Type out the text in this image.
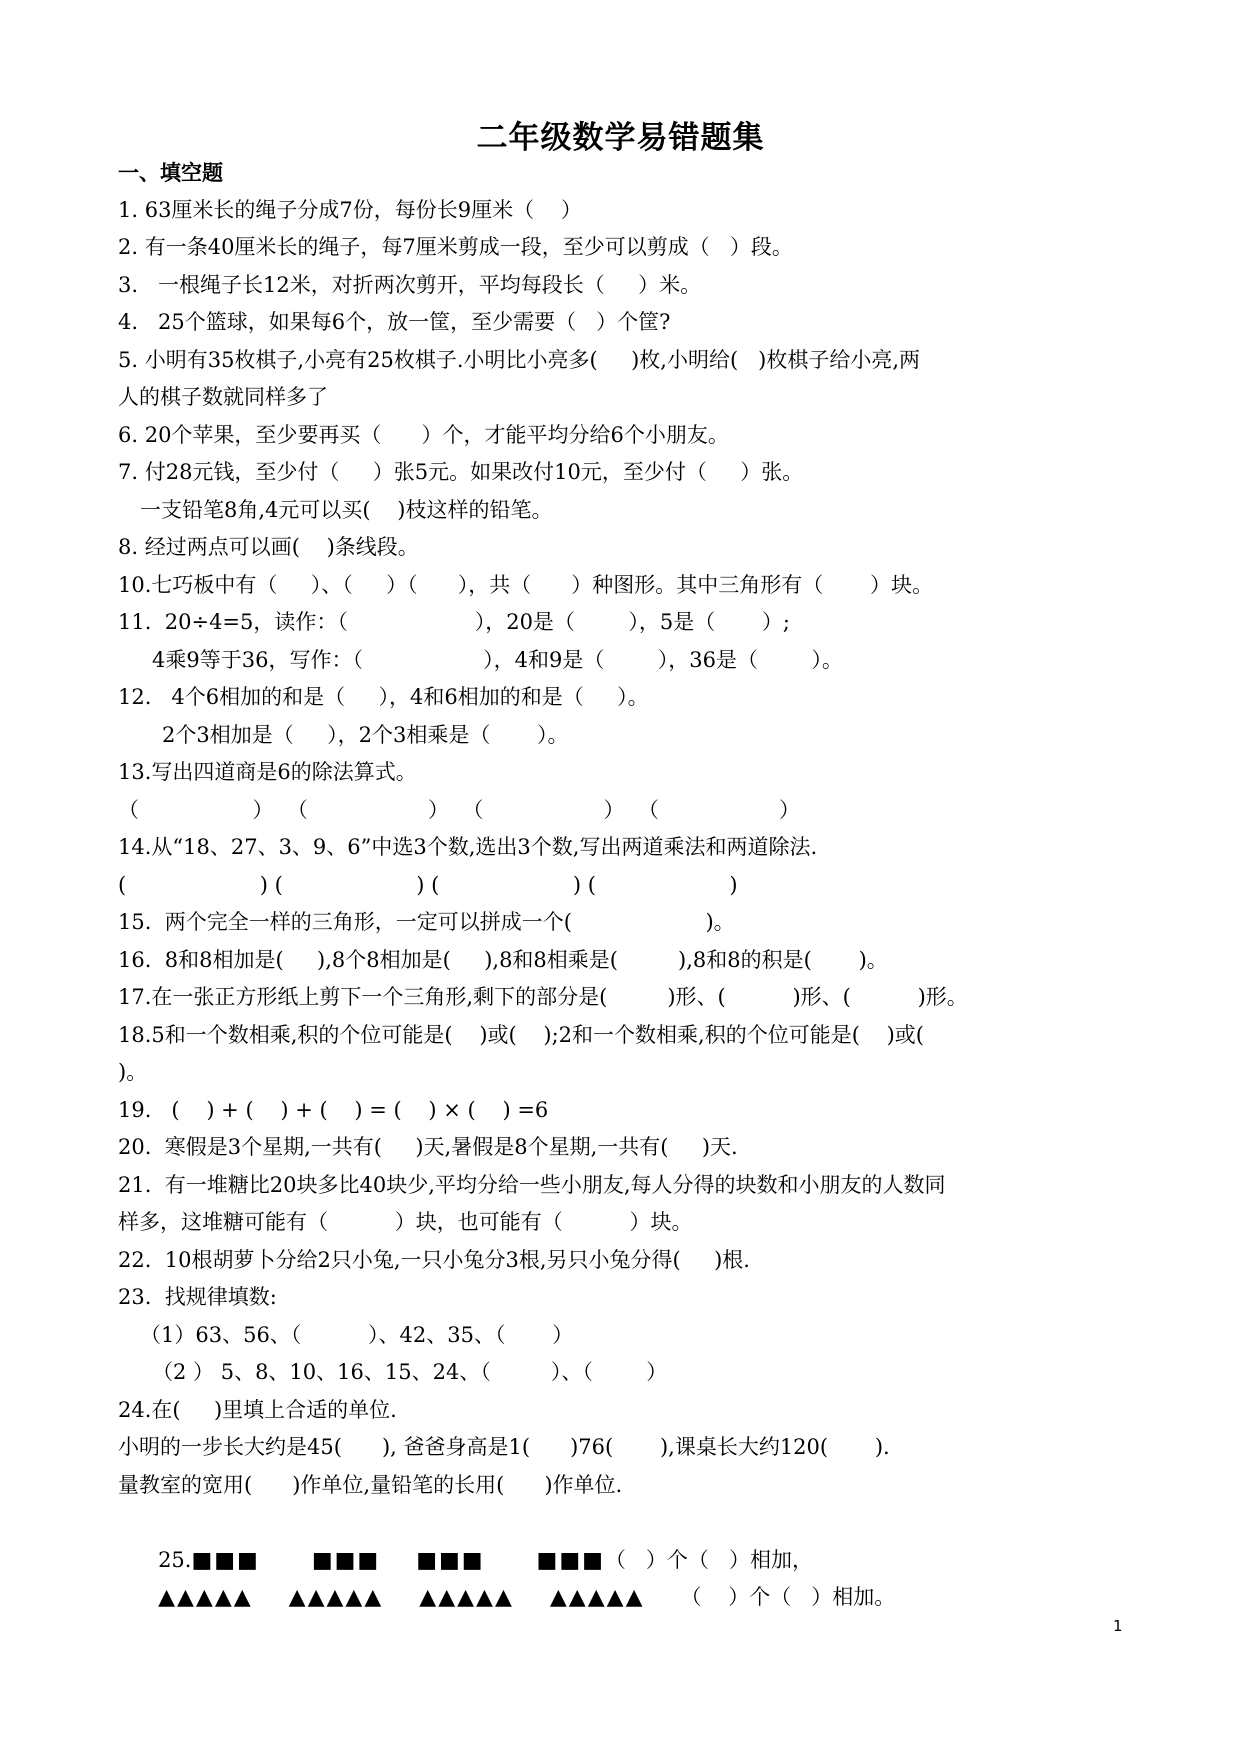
二年级数学易错题集
一、填空题
1. 63厘米长的绳子分成7份，每份长9厘米（    ）
2. 有一条40厘米长的绳子，每7厘米剪成一段，至少可以剪成（   ）段。
3.   一根绳子长12米，对折两次剪开，平均每段长（     ）米。
4.   25个篮球，如果每6个，放一筐，至少需要（   ）个筐?
5. 小明有35枚棋子,小亮有25枚棋子.小明比小亮多(     )枚,小明给(   )枚棋子给小亮,两
人的棋子数就同样多了
6. 20个苹果，至少要再买（      ）个，才能平均分给6个小朋友。
7. 付28元钱，至少付（     ）张5元。如果改付10元，至少付（     ）张。
一支铅笔8角,4元可以买(    )枝这样的铅笔。
8. 经过两点可以画(    )条线段。
10.七巧板中有（     ）、（     ）（      ），共（      ）种图形。其中三角形有（       ）块。
11.  20÷4=5，读作：（                   ），20是（        ），5是（       ）;
4乘9等于36，写作：（                  ），4和9是（        ），36是（        ）。
12.   4个6相加的和是（     ），4和6相加的和是（     ）。
2个3相加是（     ），2个3相乘是（       ）。
13.写出四道商是6的除法算式。
（                 ）  （                  ）  （                  ）  （                  ）
14.从“18、27、3、9、6”中选3个数,选出3个数,写出两道乘法和两道除法.
(                    ) (                    ) (                    ) (                    )
15.  两个完全一样的三角形，一定可以拼成一个(                    )。
16.  8和8相加是(     ),8个8相加是(     ),8和8相乘是(         ),8和8的积是(       )。
17.在一张正方形纸上剪下一个三角形,剩下的部分是(         )形、(          )形、(          )形。
18.5和一个数相乘,积的个位可能是(    )或(    );2和一个数相乘,积的个位可能是(    )或(
)。
19.   (    ) + (    ) + (    ) = (    ) × (    ) =6
20.  寒假是3个星期,一共有(     )天,暑假是8个星期,一共有(     )天.
21.  有一堆糖比20块多比40块少,平均分给一些小朋友,每人分得的块数和小朋友的人数同
样多，这堆糖可能有（          ）块，也可能有（          ）块。
22.  10根胡萝卜分给2只小兔,一只小兔分3根,另只小兔分得(     )根.
23.  找规律填数:
（1）63、56、（          ）、42、35、（       ）
（2 ） 5、8、10、16、15、24、（         ）、（        ）
24.在(     )里填上合适的单位.
小明的一步长大约是45(      ), 爸爸身高是1(      )76(       ),课桌长大约120(       ).
量教室的宽用(      )作单位,量铅笔的长用(      )作单位.

25.■■■ ■■■ ■■■ ■■■（   ）个（   ）相加，

▲▲▲▲▲ ▲▲▲▲▲ ▲▲▲▲▲ ▲▲▲▲▲ （    ）个（   ）相加。

1
